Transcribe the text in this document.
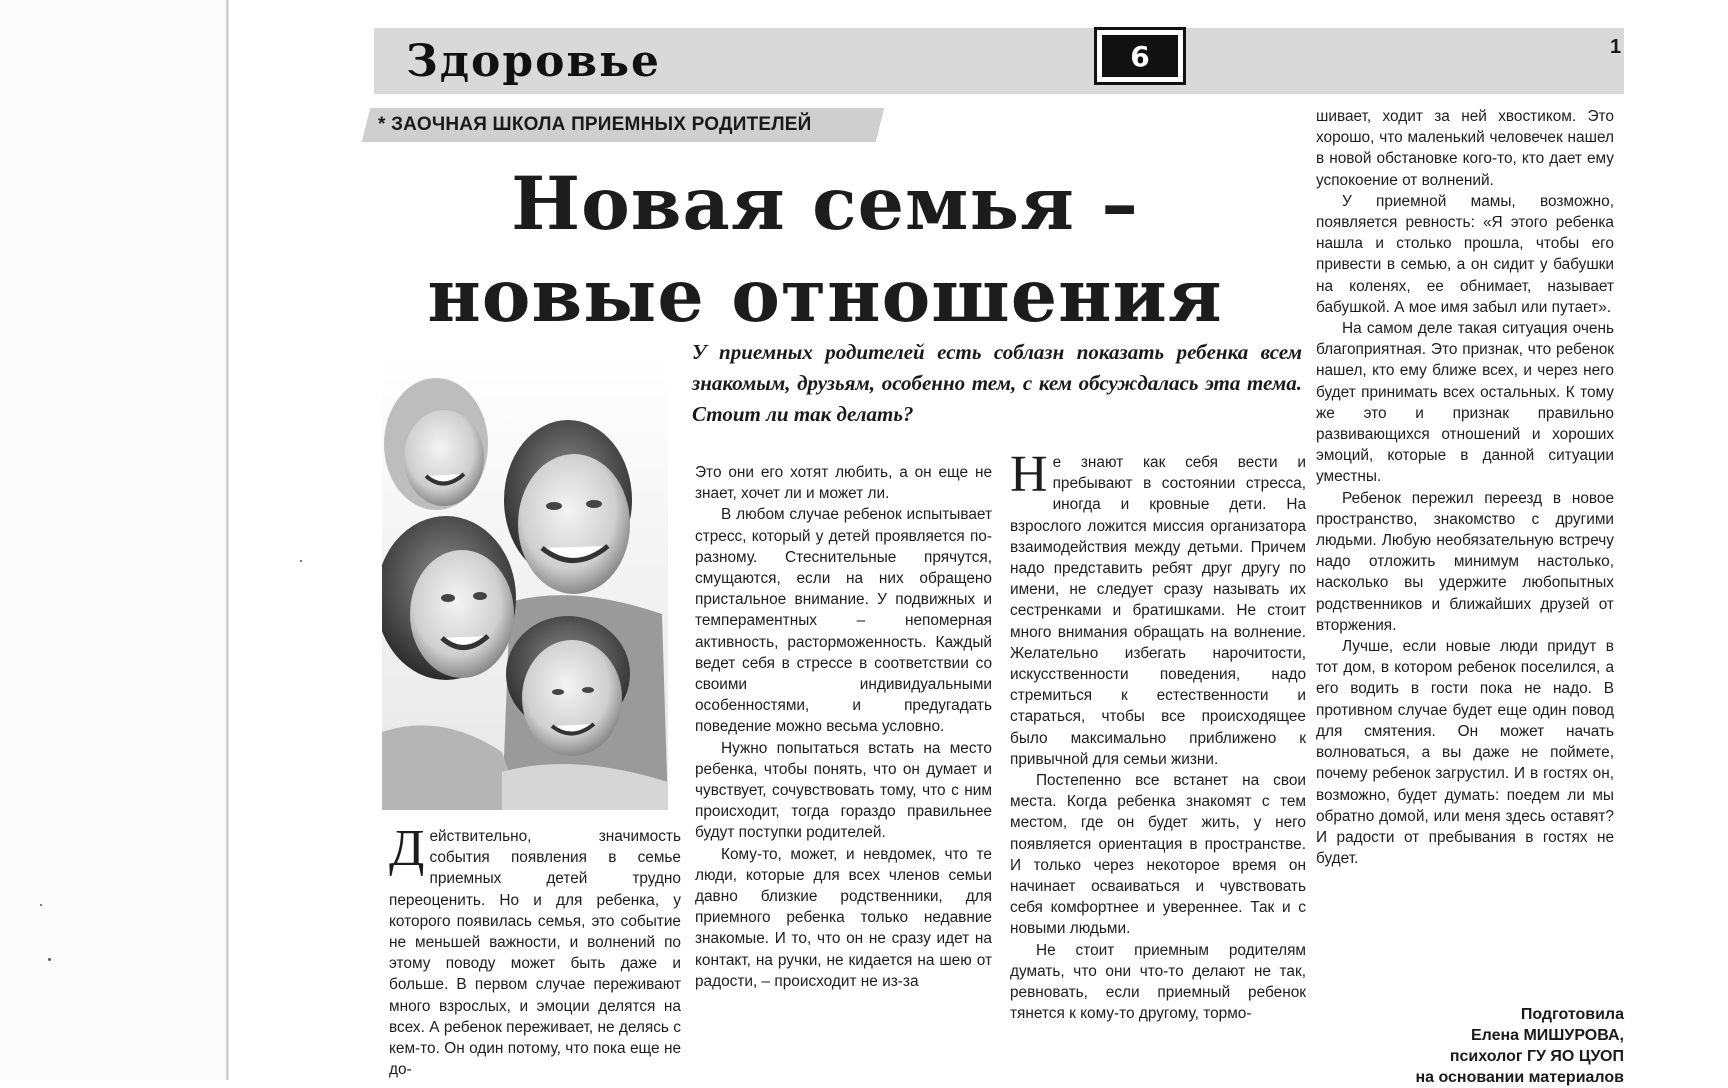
Здоровье	6	1
* ЗАОЧНАЯ ШКОЛА ПРИЕМНЫХ РОДИТЕЛЕЙ
Новая семья –
новые отношения
У приемных родителей есть соблазн показать ребенка всем знакомым, друзьям, особенно тем, с кем обсуждалась эта тема. Стоит ли так делать?

Действительно, значимость события появления в семье приемных детей трудно переоценить. Но и для ребенка, у которого появилась семья, это событие не меньшей важности, и волнений по этому поводу может быть даже и больше. В первом случае переживают много взрослых, и эмоции делятся на всех. А ребенок переживает, не делясь с кем-то. Он один потому, что пока еще не до-

Это они его хотят любить, а он еще не знает, хочет ли и может ли.

В любом случае ребенок испытывает стресс, который у детей проявляется по-разному. Стеснительные прячутся, смущаются, если на них обращено пристальное внимание. У подвижных и темпераментных – непомерная активность, расторможенность. Каждый ведет себя в стрессе в соответствии со своими индивидуальными особенностями, и предугадать поведение можно весьма условно.

Нужно попытаться встать на место ребенка, чтобы понять, что он думает и чувствует, сочувствовать тому, что с ним происходит, тогда гораздо правильнее будут поступки родителей.

Кому-то, может, и невдомек, что те люди, которые для всех членов семьи давно близкие родственники, для приемного ребенка только недавние знакомые. И то, что он не сразу идет на контакт, на ручки, не кидается на шею от радости, – происходит не из-за

Не знают как себя вести и пребывают в состоянии стресса, иногда и кровные дети. На взрослого ложится миссия организатора взаимодействия между детьми. Причем надо представить ребят друг другу по имени, не следует сразу называть их сестренками и братишками. Не стоит много внимания обращать на волнение. Желательно избегать нарочитости, искусственности поведения, надо стремиться к естественности и стараться, чтобы все происходящее было максимально приближено к привычной для семьи жизни.

Постепенно все встанет на свои места. Когда ребенка знакомят с тем местом, где он будет жить, у него появляется ориентация в пространстве. И только через некоторое время он начинает осваиваться и чувствовать себя комфортнее и увереннее. Так и с новыми людьми.

Не стоит приемным родителям думать, что они что-то делают не так, ревновать, если приемный ребенок тянется к кому-то другому, тормо-

шивает, ходит за ней хвостиком. Это хорошо, что маленький человечек нашел в новой обстановке кого-то, кто дает ему успокоение от волнений.

У приемной мамы, возможно, появляется ревность: «Я этого ребенка нашла и столько прошла, чтобы его привести в семью, а он сидит у бабушки на коленях, ее обнимает, называет бабушкой. А мое имя забыл или путает».

На самом деле такая ситуация очень благоприятная. Это признак, что ребенок нашел, кто ему ближе всех, и через него будет принимать всех остальных. К тому же это и признак правильно развивающихся отношений и хороших эмоций, которые в данной ситуации уместны.

Ребенок пережил переезд в новое пространство, знакомство с другими людьми. Любую необязательную встречу надо отложить минимум настолько, насколько вы удержите любопытных родственников и ближайших друзей от вторжения.

Лучше, если новые люди придут в тот дом, в котором ребенок поселился, а его водить в гости пока не надо. В противном случае будет еще один повод для смятения. Он может начать волноваться, а вы даже не поймете, почему ребенок загрустил. И в гостях он, возможно, будет думать: поедем ли мы обратно домой, или меня здесь оставят? И радости от пребывания в гостях не будет.

Подготовила
Елена МИШУРОВА,
психолог ГУ ЯО ЦУОП
на основании материалов
